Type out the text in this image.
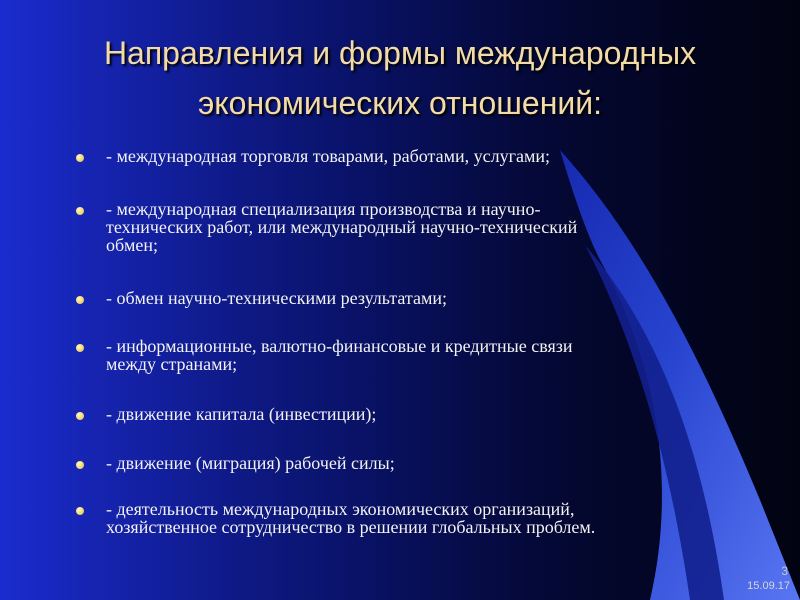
Направления и формы международных
экономических отношений:
- международная торговля товарами, работами, услугами;
- международная специализация производства и научно-
технических работ, или международный научно-технический
обмен;
- обмен научно-техническими результатами;
- информационные, валютно-финансовые и кредитные связи
между странами;
- движение капитала (инвестиции);
- движение (миграция) рабочей силы;
- деятельность международных экономических организаций,
хозяйственное сотрудничество в решении глобальных проблем.
3
15.09.17
